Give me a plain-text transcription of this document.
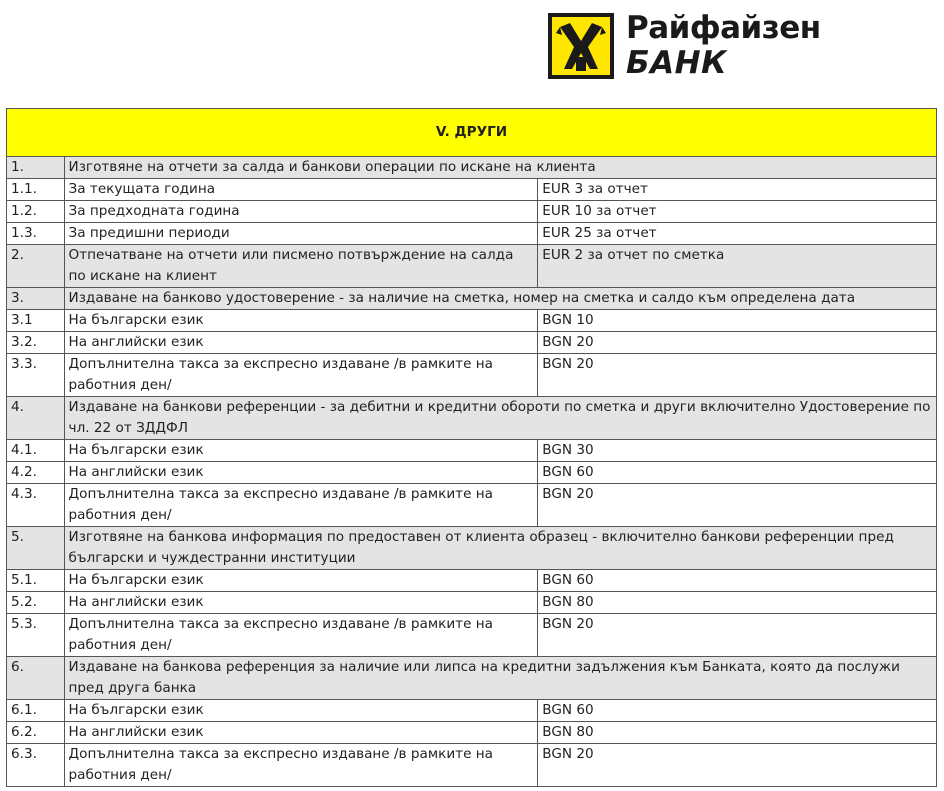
Райфайзен
БАНК
V. ДРУГИ		
1.	Изготвяне на отчети за салда и банкови операции по искане на клиента	
1.1.	За текущата година	EUR 3 за отчет
1.2.	За предходната година	EUR 10 за отчет
1.3.	За предишни периоди	EUR 25 за отчет
2.	Отпечатване на отчети или писмено потвърждение на салда по искане на клиент	EUR 2 за отчет по сметка
3.	Издаване на банково удостоверение - за наличие на сметка, номер на сметка и салдо към определена дата	
3.1	На български език	BGN 10
3.2.	На английски език	BGN 20
3.3.	Допълнителна такса за експресно издаване /в рамките на работния ден/	BGN 20
4.	Издаване на банкови референции - за дебитни и кредитни обороти по сметка и други включително Удостоверение по чл. 22 от ЗДДФЛ	
4.1.	На български език	BGN 30
4.2.	На английски език	BGN 60
4.3.	Допълнителна такса за експресно издаване /в рамките на работния ден/	BGN 20
5.	Изготвяне на банкова информация по предоставен от клиента образец - включително банкови референции пред български и чуждестранни институции	
5.1.	На български език	BGN 60
5.2.	На английски език	BGN 80
5.3.	Допълнителна такса за експресно издаване /в рамките на работния ден/	BGN 20
6.	Издаване на банкова референция за наличие или липса на кредитни задължения към Банката, която да послужи пред друга банка	
6.1.	На български език	BGN 60
6.2.	На английски език	BGN 80
6.3.	Допълнителна такса за експресно издаване /в рамките на работния ден/	BGN 20
